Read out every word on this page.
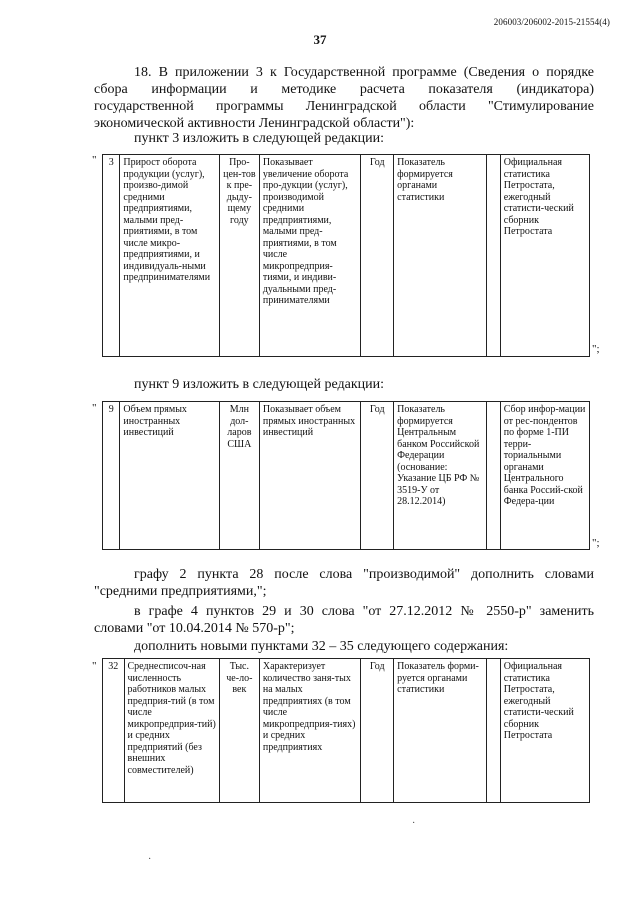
206003/206002-2015-21554(4)
37
18. В приложении 3 к Государственной программе (Сведения о порядке
сбора информации и методике расчета показателя (индикатора)
государственной программы Ленинградской области "Стимулирование
экономической активности Ленинградской области"):
пункт 3 изложить в следующей редакции:
" 3	Прирост оборота продукции (услуг), произво-димой средними предприятиями, малыми пред-приятиями, в том числе микро-предприятиями, и индивидуаль-ными предпринимателями	Про-цен-тов к пре-дыду-щему году	Показывает увеличение оборота про-дукции (услуг), производимой средними предприятиями, малыми пред-приятиями, в том числе микропредприя-тиями, и индиви-дуальными пред-принимателями	Год	Показатель формируется органами статистики		Официальная статистика Петростата, ежегодный статисти-ческий сборник Петростата
";
пункт 9 изложить в следующей редакции:
" 9	Объем прямых иностранных инвестиций	Млн дол-ларов США	Показывает объем прямых иностранных инвестиций	Год	Показатель формируется Центральным банком Российской Федерации (основание: Указание ЦБ РФ № 3519-У от 28.12.2014)		Сбор инфор-мации от рес-пондентов по форме 1-ПИ терри-ториальными органами Центрального банка Россий-ской Федера-ции
";
графу 2 пункта 28 после слова "производимой" дополнить словами
"средними предприятиями,";
в графе 4 пунктов 29 и 30 слова "от 27.12.2012 № 2550-р" заменить
словами "от 10.04.2014 № 570-р";
дополнить новыми пунктами 32 – 35 следующего содержания:
" 32	Среднесписоч-ная численность работников малых предприя-тий (в том числе микропредприя-тий) и средних предприятий (без внешних совместителей)	Тыс. че-ло-век	Характеризует количество заня-тых на малых предприятиях (в том числе микропредприя-тиях) и средних предприятиях	Год	Показатель форми-руется органами статистики		Официальная статистика Петростата, ежегодный статисти-ческий сборник Петростата
·
·
